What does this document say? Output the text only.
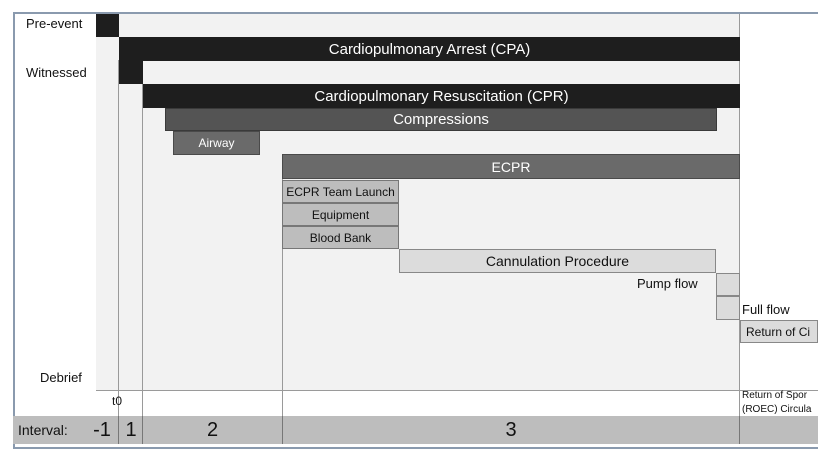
Pre-event
Witnessed
Debrief
Cardiopulmonary Arrest (CPA)
Cardiopulmonary Resuscitation (CPR)
Compressions
Airway
ECPR
ECPR Team Launch
Equipment
Blood Bank
Cannulation Procedure
Pump flow
Full flow
Return of Ci
t0	Return of Spor
(ROEC) Circula
Interval:	-1 1	2	3
